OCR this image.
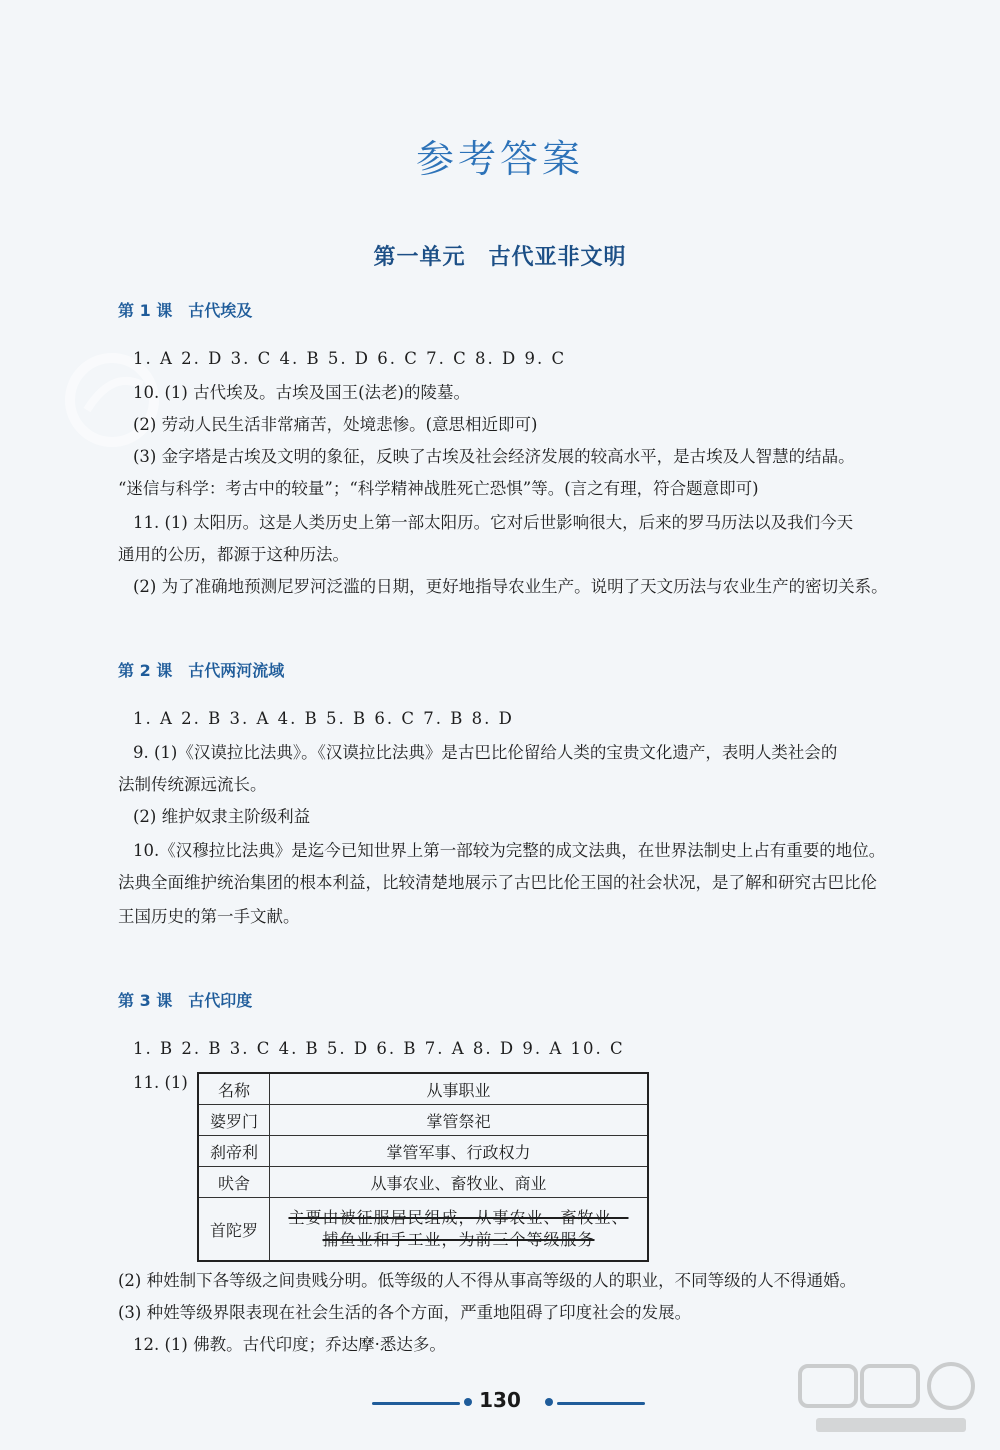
参考答案
第一单元　古代亚非文明
第 1 课　古代埃及
1. A 2. D 3. C 4. B 5. D 6. C 7. C 8. D 9. C
10. (1) 古代埃及。古埃及国王(法老)的陵墓。
(2) 劳动人民生活非常痛苦，处境悲惨。(意思相近即可)
(3) 金字塔是古埃及文明的象征，反映了古埃及社会经济发展的较高水平，是古埃及人智慧的结晶。
“迷信与科学：考古中的较量”；“科学精神战胜死亡恐惧”等。(言之有理，符合题意即可)
11. (1) 太阳历。这是人类历史上第一部太阳历。它对后世影响很大，后来的罗马历法以及我们今天
通用的公历，都源于这种历法。
(2) 为了准确地预测尼罗河泛滥的日期，更好地指导农业生产。说明了天文历法与农业生产的密切关系。
第 2 课　古代两河流域
1. A 2. B 3. A 4. B 5. B 6. C 7. B 8. D
9. (1)《汉谟拉比法典》。《汉谟拉比法典》是古巴比伦留给人类的宝贵文化遗产，表明人类社会的
法制传统源远流长。
(2) 维护奴隶主阶级利益
10.《汉穆拉比法典》是迄今已知世界上第一部较为完整的成文法典，在世界法制史上占有重要的地位。
法典全面维护统治集团的根本利益，比较清楚地展示了古巴比伦王国的社会状况，是了解和研究古巴比伦
王国历史的第一手文献。
第 3 课　古代印度
1. B 2. B 3. C 4. B 5. D 6. B 7. A 8. D 9. A 10. C
11. (1) 名称	从事职业
婆罗门	掌管祭祀
刹帝利	掌管军事、行政权力
吠舍	从事农业、畜牧业、商业
首陀罗	主要由被征服居民组成，从事农业、畜牧业、
捕鱼业和手工业，为前三个等级服务
(2) 种姓制下各等级之间贵贱分明。低等级的人不得从事高等级的人的职业，不同等级的人不得通婚。
(3) 种姓等级界限表现在社会生活的各个方面，严重地阻碍了印度社会的发展。
12. (1) 佛教。古代印度；乔达摩·悉达多。
130
